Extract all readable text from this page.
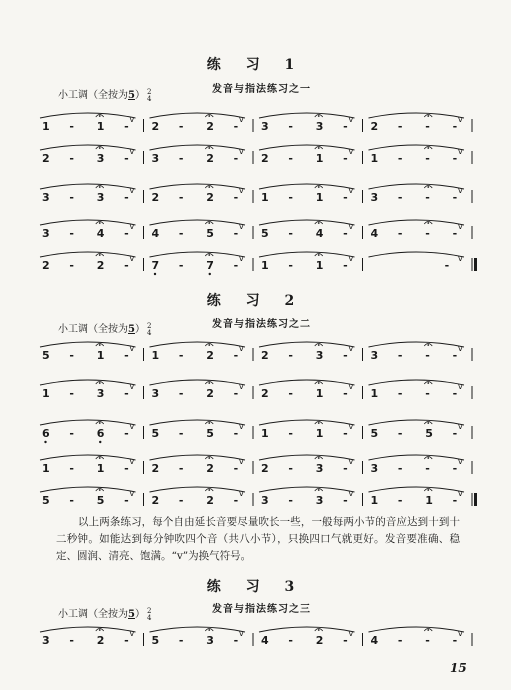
练 习 1
小工调（全按为5） 2
4
发音与指法练习之一
练 习 2
小工调（全按为5） 2
4
发音与指法练习之二
以上两条练习，每个自由延长音要尽量吹长一些，一般每两小节的音应达到十到十二秒钟。如能达到每分钟吹四个音（共八小节），只换四口气就更好。发音要准确、稳定、圆润、清亮、饱满。“v”为换气符号。
练 习 3
小工调（全按为5） 2
4
发音与指法练习之三
1 - 1 -
v
2 - 2 -
v
3 - 3 -
v
2 - - -
v
2 - 3 -
v
3 - 2 -
v
2 - 1 -
v
1 - - -
v
3 - 3 -
v
2 - 2 -
v
1 - 1 -
v
3 - - -
v
3 - 4 -
v
4 - 5 -
v
5 - 4 -
v
4 - - -
v
2 - 2 -
v
7 - 7 -
v
1 - 1 -
v
-
v
5 - 1 -
v
1 - 2 -
v
2 - 3 -
v
3 - - -
v
1 - 3 -
v
3 - 2 -
v
2 - 1 -
v
1 - - -
v
6 - 6 -
v
5 - 5 -
v
1 - 1 -
v
5 - 5 -
v
1 - 1 -
v
2 - 2 -
v
2 - 3 -
v
3 - - -
v
5 - 5 -
v
2 - 2 -
v
3 - 3 -
v
1 - 1 -
v
3 - 2 -
v
5 - 3 -
v
4 - 2 -
v
4 - - -
v
15
